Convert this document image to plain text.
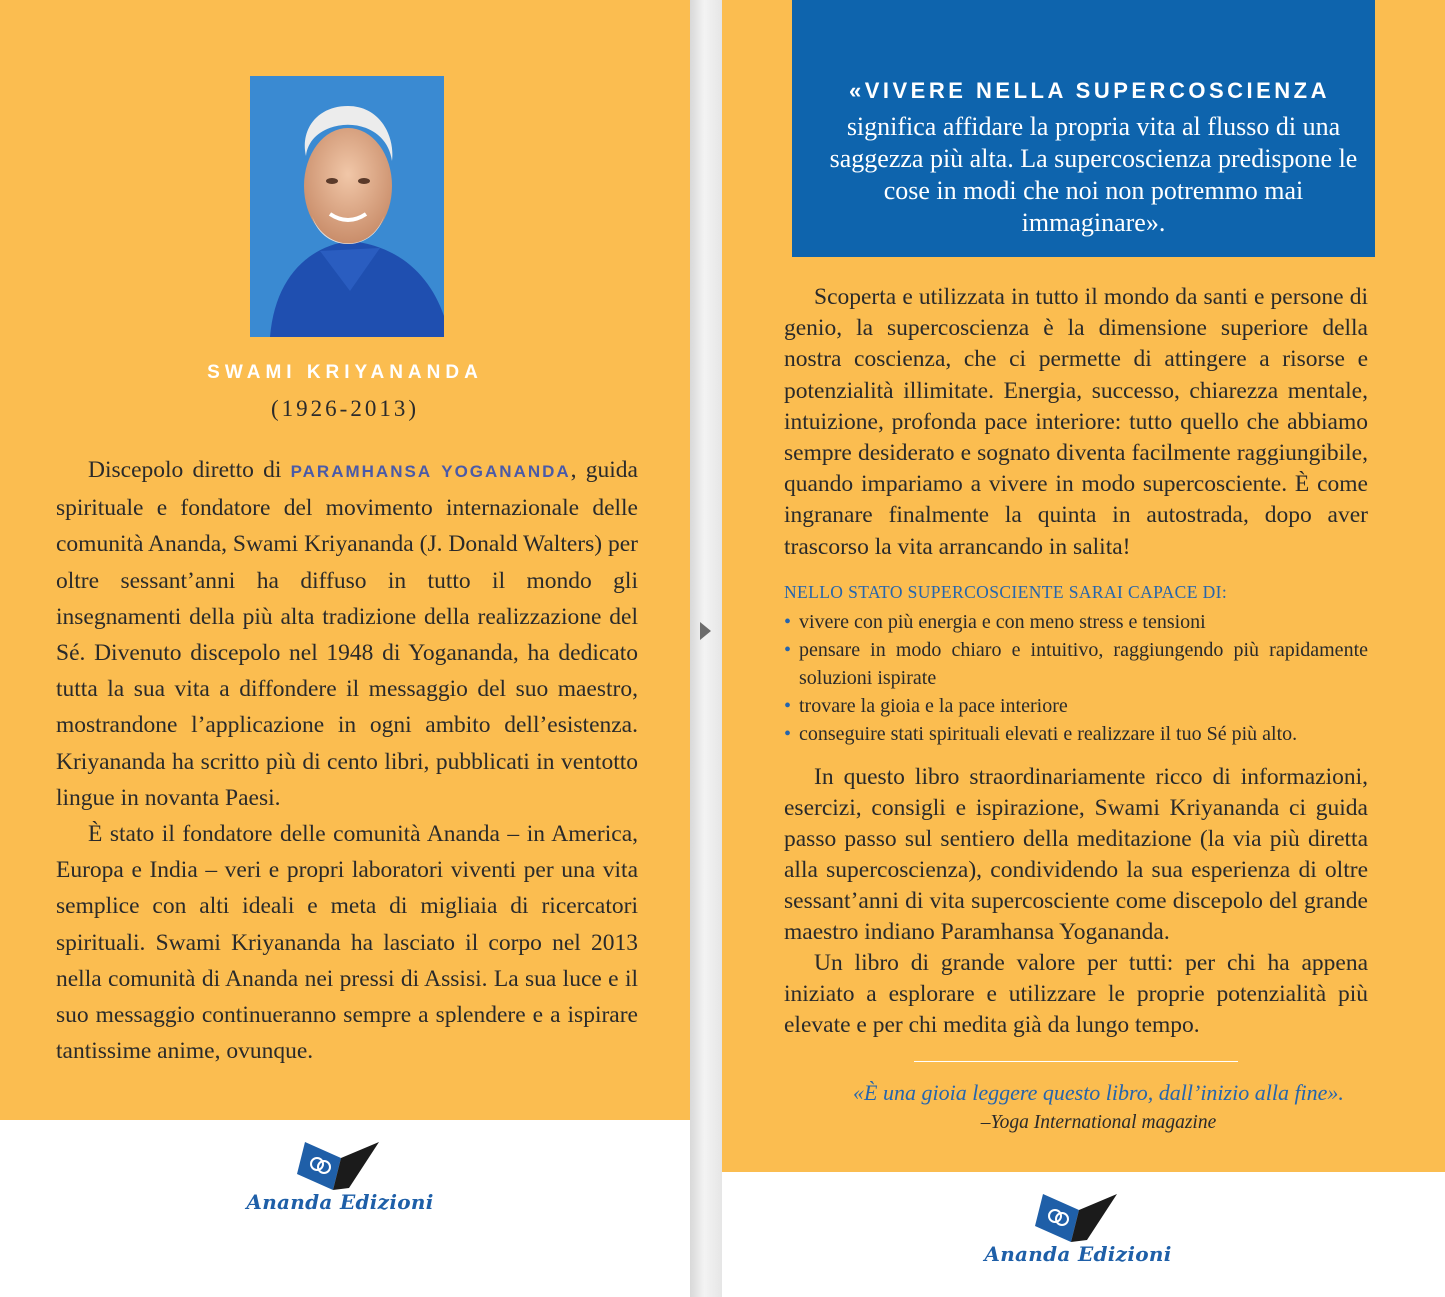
SWAMI KRIYANANDA
(1926-2013)

Discepolo diretto di PARAMHANSA YOGANANDA, guida spirituale e fondatore del movimento internazionale delle comunità Ananda, Swami Kriyananda (J. Donald Walters) per oltre sessant’anni ha diffuso in tutto il mondo gli insegnamenti della più alta tradizione della realizzazione del Sé. Divenuto discepolo nel 1948 di Yogananda, ha dedicato tutta la sua vita a diffondere il messaggio del suo maestro, mostrandone l’applicazione in ogni ambito dell’esistenza. Kriyananda ha scritto più di cento libri, pubblicati in ventotto lingue in novanta Paesi.

È stato il fondatore delle comunità Ananda – in America, Europa e India – veri e propri laboratori viventi per una vita semplice con alti ideali e meta di migliaia di ricercatori spirituali. Swami Kriyananda ha lasciato il corpo nel 2013 nella comunità di Ananda nei pressi di Assisi. La sua luce e il suo messaggio continueranno sempre a splendere e a ispirare tantissime anime, ovunque.

Ananda Edizioni
«VIVERE NELLA SUPERCOSCIENZA
significa affidare la propria vita al flusso di una saggezza più alta. La supercoscienza predispone le cose in modi che noi non potremmo mai immaginare».

Scoperta e utilizzata in tutto il mondo da santi e persone di genio, la supercoscienza è la dimensione superiore della nostra coscienza, che ci permette di attingere a risorse e potenzialità illimitate. Energia, successo, chiarezza mentale, intuizione, profonda pace interiore: tutto quello che abbiamo sempre desiderato e sognato diventa facilmente raggiungibile, quando impariamo a vivere in modo supercosciente. È come ingranare finalmente la quinta in autostrada, dopo aver trascorso la vita arrancando in salita!

NELLO STATO SUPERCOSCIENTE SARAI CAPACE DI:
• vivere con più energia e con meno stress e tensioni
• pensare in modo chiaro e intuitivo, raggiungendo più rapidamente soluzioni ispirate
• trovare la gioia e la pace interiore
• conseguire stati spirituali elevati e realizzare il tuo Sé più alto.

In questo libro straordinariamente ricco di informazioni, esercizi, consigli e ispirazione, Swami Kriyananda ci guida passo passo sul sentiero della meditazione (la via più diretta alla supercoscienza), condividendo la sua esperienza di oltre sessant’anni di vita supercosciente come discepolo del grande maestro indiano Paramhansa Yogananda.

Un libro di grande valore per tutti: per chi ha appena iniziato a esplorare e utilizzare le proprie potenzialità più elevate e per chi medita già da lungo tempo.

«È una gioia leggere questo libro, dall’inizio alla fine».
–Yoga International magazine
Ananda Edizioni
